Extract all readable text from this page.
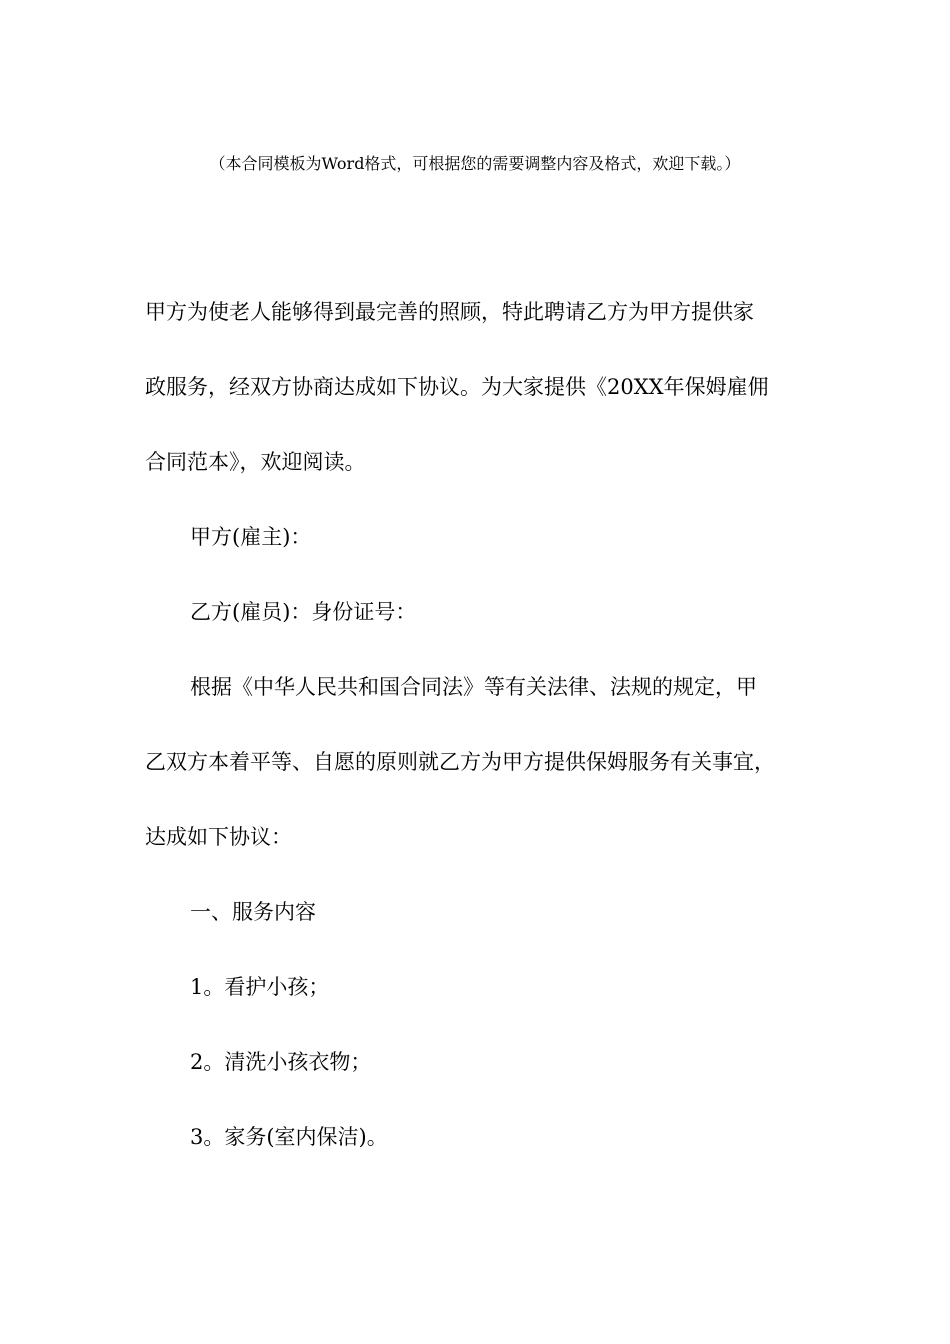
（本合同模板为Word格式，可根据您的需要调整内容及格式，欢迎下载。）
甲方为使老人能够得到最完善的照顾，特此聘请乙方为甲方提供家
政服务，经双方协商达成如下协议。为大家提供《20XX年保姆雇佣
合同范本》，欢迎阅读。
甲方(雇主)：
乙方(雇员)：身份证号：
根据《中华人民共和国合同法》等有关法律、法规的规定，甲
乙双方本着平等、自愿的原则就乙方为甲方提供保姆服务有关事宜，
达成如下协议：
一、服务内容
1。看护小孩；
2。清洗小孩衣物；
3。家务(室内保洁)。
